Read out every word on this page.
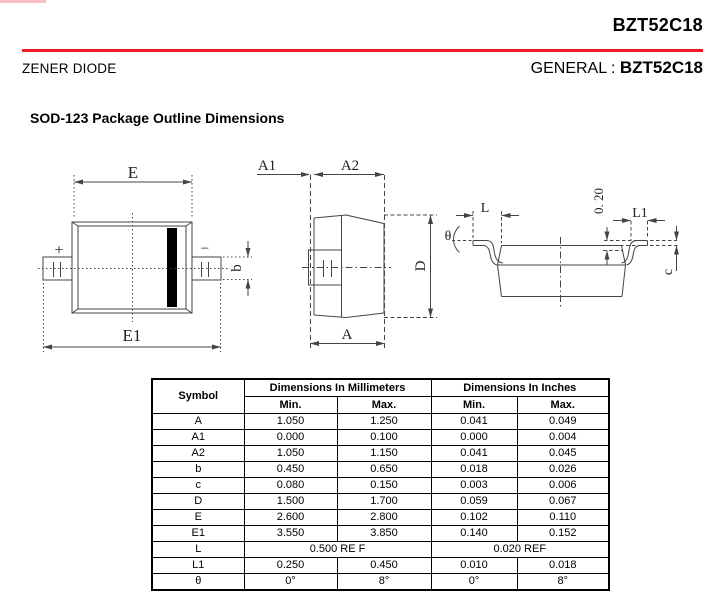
BZT52C18
ZENER DIODE	GENERAL : BZT52C18
SOD-123 Package Outline Dimensions
E
E1
+	−
b
A1	A2
A
D
L
θ
L1
0. 20
c
Symbol	Dimensions In Millimeters		Dimensions In Inches	
	Min.	Max.	Min.	Max.
A	1.050	1.250	0.041	0.049
A1	0.000	0.100	0.000	0.004
A2	1.050	1.150	0.041	0.045
b	0.450	0.650	0.018	0.026
c	0.080	0.150	0.003	0.006
D	1.500	1.700	0.059	0.067
E	2.600	2.800	0.102	0.110
E1	3.550	3.850	0.140	0.152
L	0.500 RE F		0.020 REF	
L1	0.250	0.450	0.010	0.018
θ	0°	8°	0°	8°
